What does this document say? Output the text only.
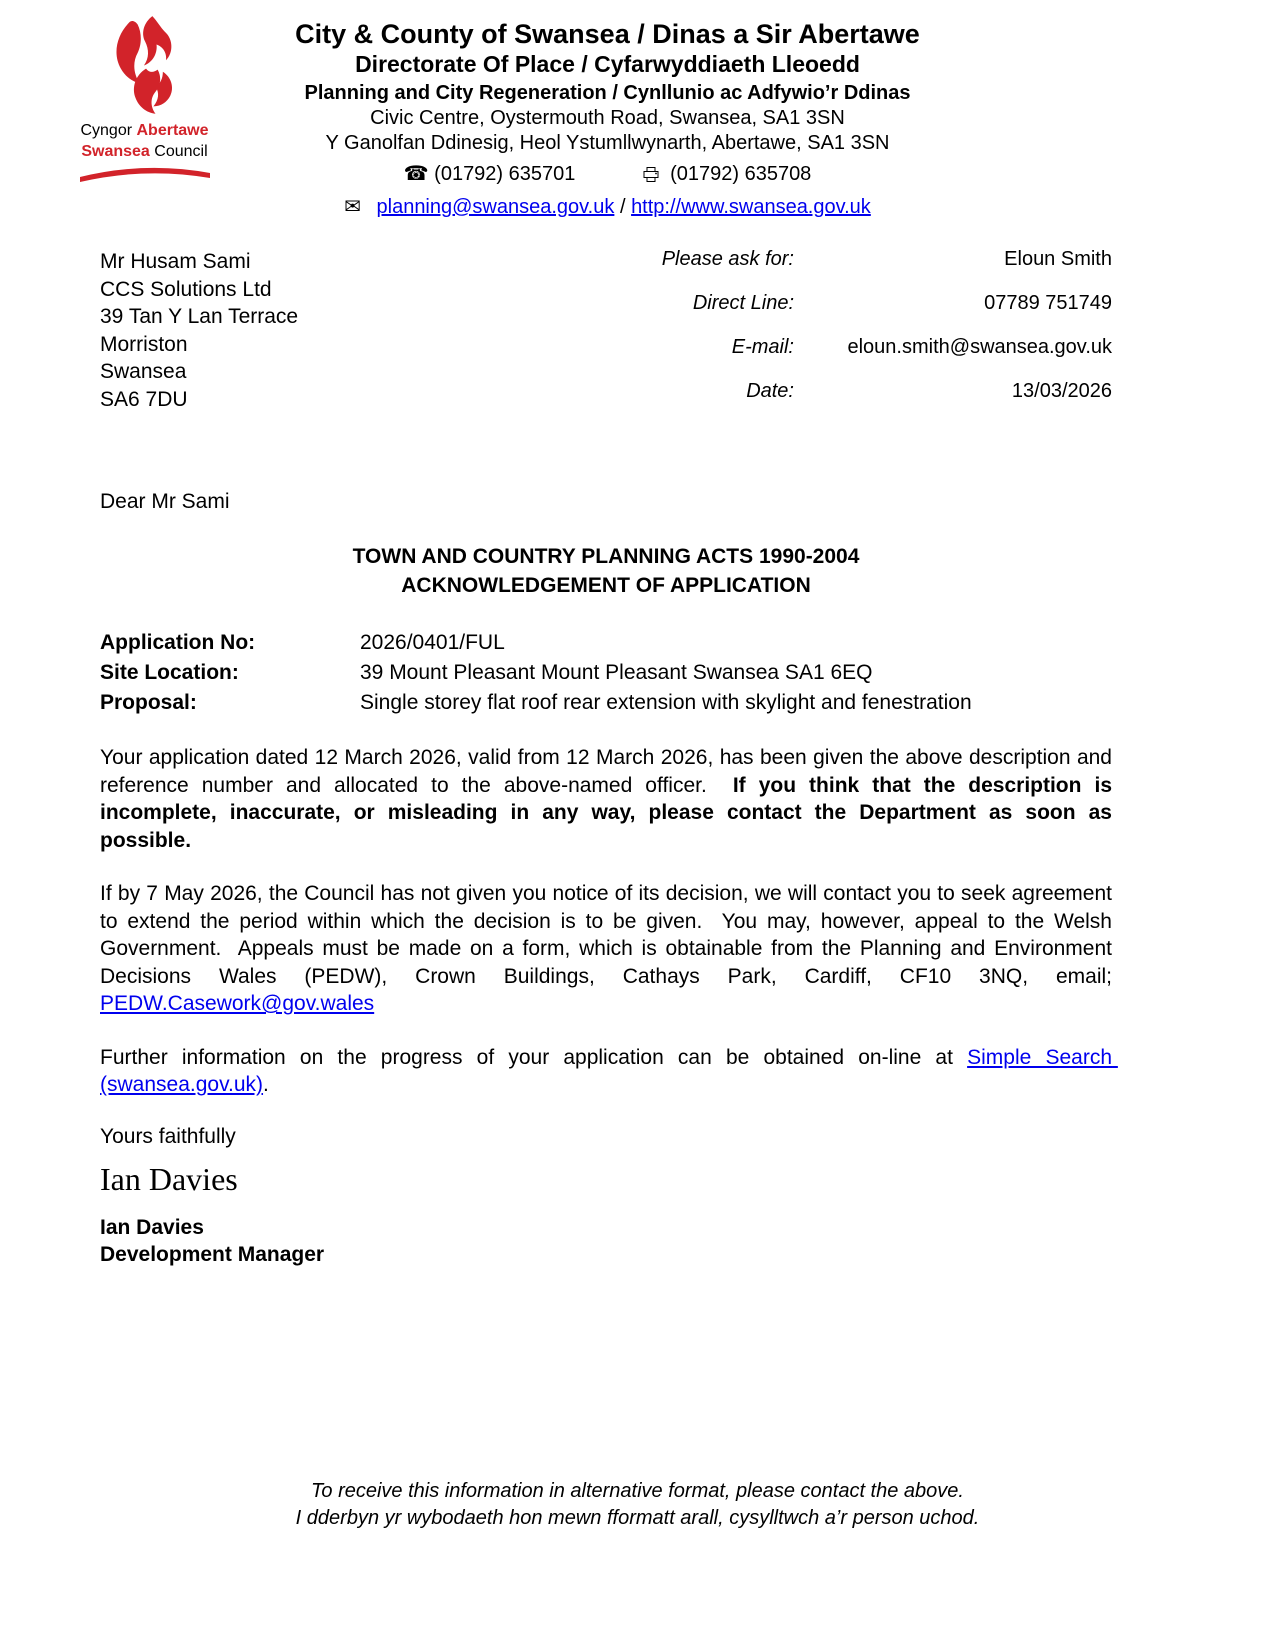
Cyngor Abertawe
Swansea Council
City & County of Swansea / Dinas a Sir Abertawe
Directorate Of Place / Cyfarwyddiaeth Lleoedd
Planning and City Regeneration / Cynllunio ac Adfywio’r Ddinas
Civic Centre, Oystermouth Road, Swansea, SA1 3SN
Y Ganolfan Ddinesig, Heol Ystumllwynarth, Abertawe, SA1 3SN
☎ (01792) 635701	(01792) 635708
✉ planning@swansea.gov.uk / http://www.swansea.gov.uk
Mr Husam Sami
CCS Solutions Ltd
39 Tan Y Lan Terrace
Morriston
Swansea
SA6 7DU
Please ask for:	Eloun Smith
Direct Line:	07789 751749
E-mail:	eloun.smith@swansea.gov.uk
Date:	13/03/2026
Dear Mr Sami
TOWN AND COUNTRY PLANNING ACTS 1990-2004
ACKNOWLEDGEMENT OF APPLICATION
Application No:	2026/0401/FUL
Site Location:	39 Mount Pleasant Mount Pleasant Swansea SA1 6EQ
Proposal:	Single storey flat roof rear extension with skylight and fenestration
Your application dated 12 March 2026, valid from 12 March 2026, has been given the above description and reference number and allocated to the above-named officer.  If you think that the description is incomplete, inaccurate, or misleading in any way, please contact the Department as soon as possible.
If by 7 May 2026, the Council has not given you notice of its decision, we will contact you to seek agreement to extend the period within which the decision is to be given.  You may, however, appeal to the Welsh Government.  Appeals must be made on a form, which is obtainable from the Planning and Environment Decisions Wales (PEDW), Crown Buildings, Cathays Park, Cardiff, CF10 3NQ, email; PEDW.Casework@gov.wales
Further information on the progress of your application can be obtained on-line at Simple Search (swansea.gov.uk).
Yours faithfully
Ian Davies
Ian Davies
Development Manager
To receive this information in alternative format, please contact the above.
I dderbyn yr wybodaeth hon mewn fformatt arall, cysylltwch a’r person uchod.
